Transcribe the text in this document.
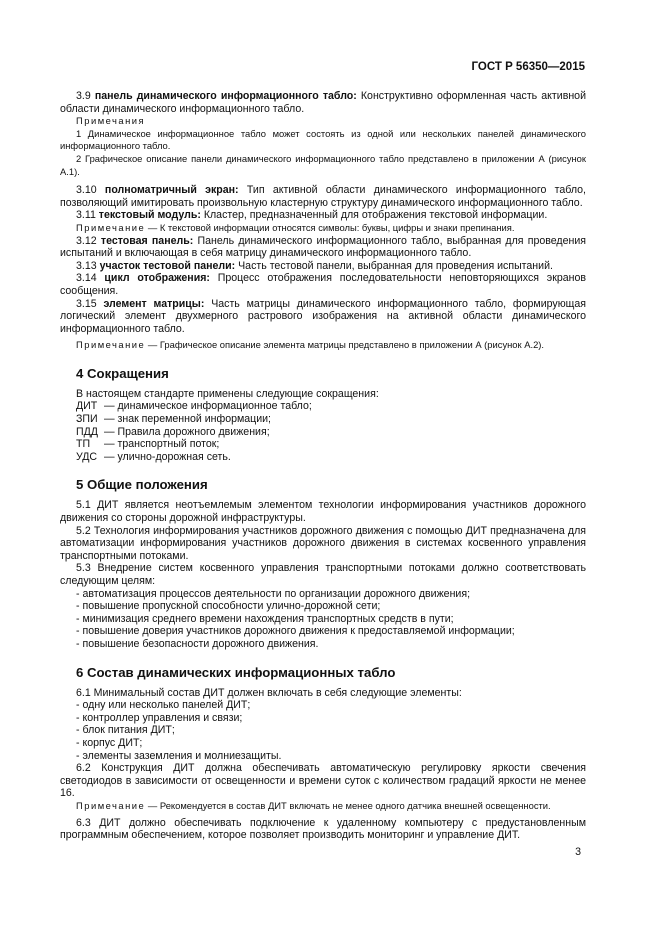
ГОСТ Р 56350—2015

3.9 панель динамического информационного табло: Конструктивно оформленная часть активной области динамического информационного табло.

Примечания

1 Динамическое информационное табло может состоять из одной или нескольких панелей динамического информационного табло.

2 Графическое описание панели динамического информационного табло представлено в приложении А (рисунок А.1).

3.10 полноматричный экран: Тип активной области динамического информационного табло, позволяющий имитировать произвольную кластерную структуру динамического информационного табло.

3.11 текстовый модуль: Кластер, предназначенный для отображения текстовой информации.

Примечание — К текстовой информации относятся символы: буквы, цифры и знаки препинания.

3.12 тестовая панель: Панель динамического информационного табло, выбранная для проведения испытаний и включающая в себя матрицу динамического информационного табло.

3.13 участок тестовой панели: Часть тестовой панели, выбранная для проведения испытаний.

3.14 цикл отображения: Процесс отображения последовательности неповторяющихся экранов сообщения.

3.15 элемент матрицы: Часть матрицы динамического информационного табло, формирующая логический элемент двухмерного растрового изображения на активной области динамического информационного табло.

Примечание — Графическое описание элемента матрицы представлено в приложении А (рисунок А.2).

4 Сокращения

В настоящем стандарте применены следующие сокращения:

ДИТ
— динамическое информационное табло;
ЗПИ
— знак переменной информации;
ПДД
— Правила дорожного движения;
ТП
	— транспортный поток;
УДС
— улично-дорожная сеть.
5 Общие положения

5.1 ДИТ является неотъемлемым элементом технологии информирования участников дорожного движения со стороны дорожной инфраструктуры.

5.2 Технология информирования участников дорожного движения с помощью ДИТ предназначена для автоматизации информирования участников дорожного движения в системах косвенного управления транспортными потоками.

5.3 Внедрение систем косвенного управления транспортными потоками должно соответствовать следующим целям:

- автоматизация процессов деятельности по организации дорожного движения;
- повышение пропускной способности улично-дорожной сети;
- минимизация среднего времени нахождения транспортных средств в пути;
- повышение доверия участников дорожного движения к предоставляемой информации;
- повышение безопасности дорожного движения.
6 Состав динамических информационных табло

6.1 Минимальный состав ДИТ должен включать в себя следующие элементы:

- одну или несколько панелей ДИТ;
- контроллер управления и связи;
- блок питания ДИТ;
- корпус ДИТ;
- элементы заземления и молниезащиты.

6.2 Конструкция ДИТ должна обеспечивать автоматическую регулировку яркости свечения светодиодов в зависимости от освещенности и времени суток с количеством градаций яркости не менее 16.

Примечание — Рекомендуется в состав ДИТ включать не менее одного датчика внешней освещенности.

6.3 ДИТ должно обеспечивать подключение к удаленному компьютеру с предустановленным программным обеспечением, которое позволяет производить мониторинг и управление ДИТ.

3
